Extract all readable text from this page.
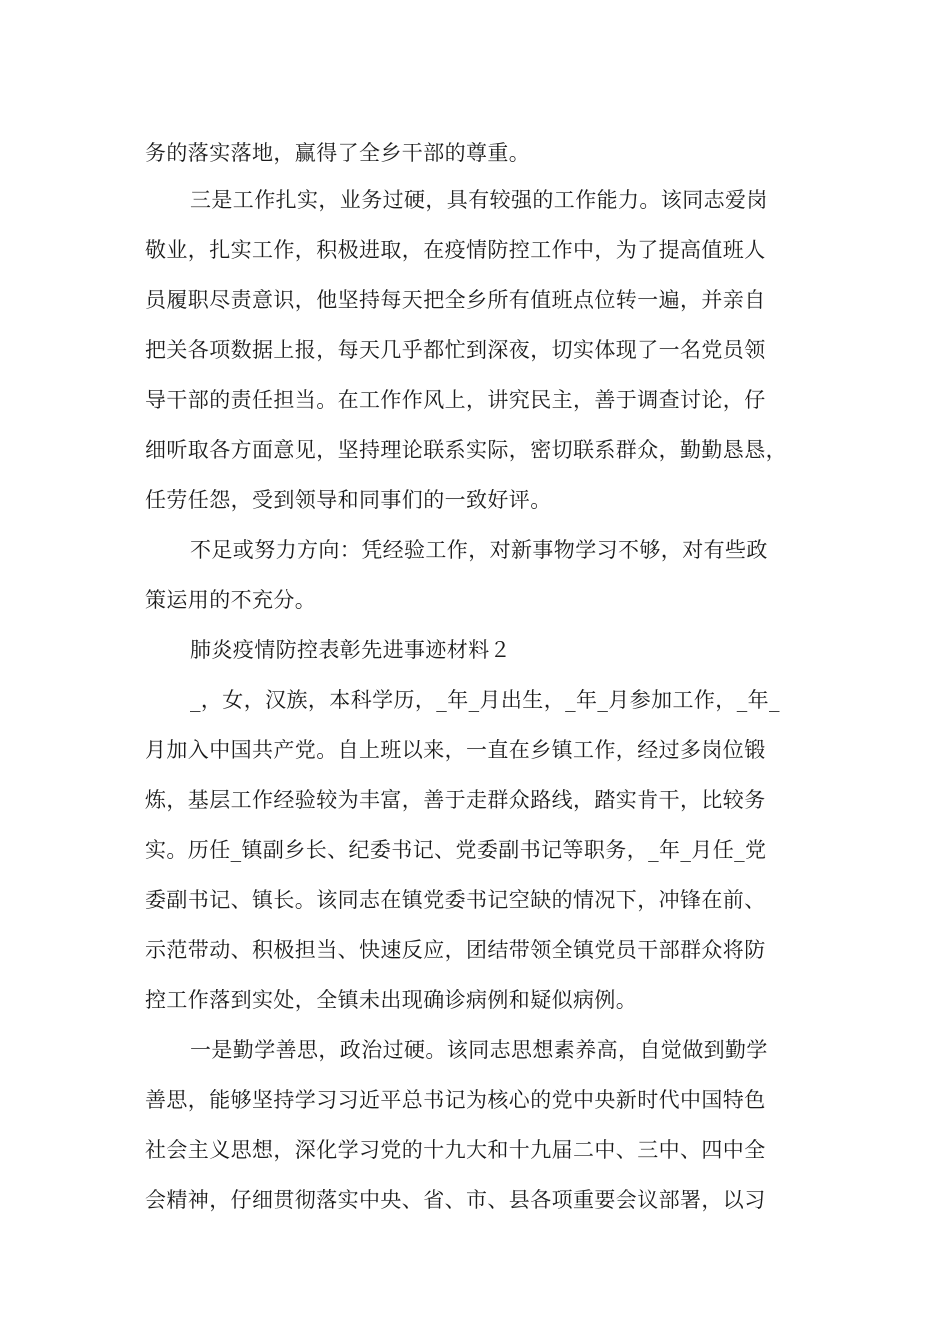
务的落实落地，赢得了全乡干部的尊重。

三是工作扎实，业务过硬，具有较强的工作能力。该同志爱岗

敬业，扎实工作，积极进取，在疫情防控工作中，为了提高值班人

员履职尽责意识，他坚持每天把全乡所有值班点位转一遍，并亲自

把关各项数据上报，每天几乎都忙到深夜，切实体现了一名党员领

导干部的责任担当。在工作作风上，讲究民主，善于调查讨论，仔

细听取各方面意见，坚持理论联系实际，密切联系群众，勤勤恳恳，

任劳任怨，受到领导和同事们的一致好评。

不足或努力方向：凭经验工作，对新事物学习不够，对有些政

策运用的不充分。

肺炎疫情防控表彰先进事迹材料２

_，女，汉族，本科学历，_年_月出生，_年_月参加工作，_年_

月加入中国共产党。自上班以来，一直在乡镇工作，经过多岗位锻

炼，基层工作经验较为丰富，善于走群众路线，踏实肯干，比较务

实。历任_镇副乡长、纪委书记、党委副书记等职务，_年_月任_党

委副书记、镇长。该同志在镇党委书记空缺的情况下，冲锋在前、

示范带动、积极担当、快速反应，团结带领全镇党员干部群众将防

控工作落到实处，全镇未出现确诊病例和疑似病例。

一是勤学善思，政治过硬。该同志思想素养高，自觉做到勤学

善思，能够坚持学习习近平总书记为核心的党中央新时代中国特色

社会主义思想，深化学习党的十九大和十九届二中、三中、四中全

会精神，仔细贯彻落实中央、省、市、县各项重要会议部署，以习
